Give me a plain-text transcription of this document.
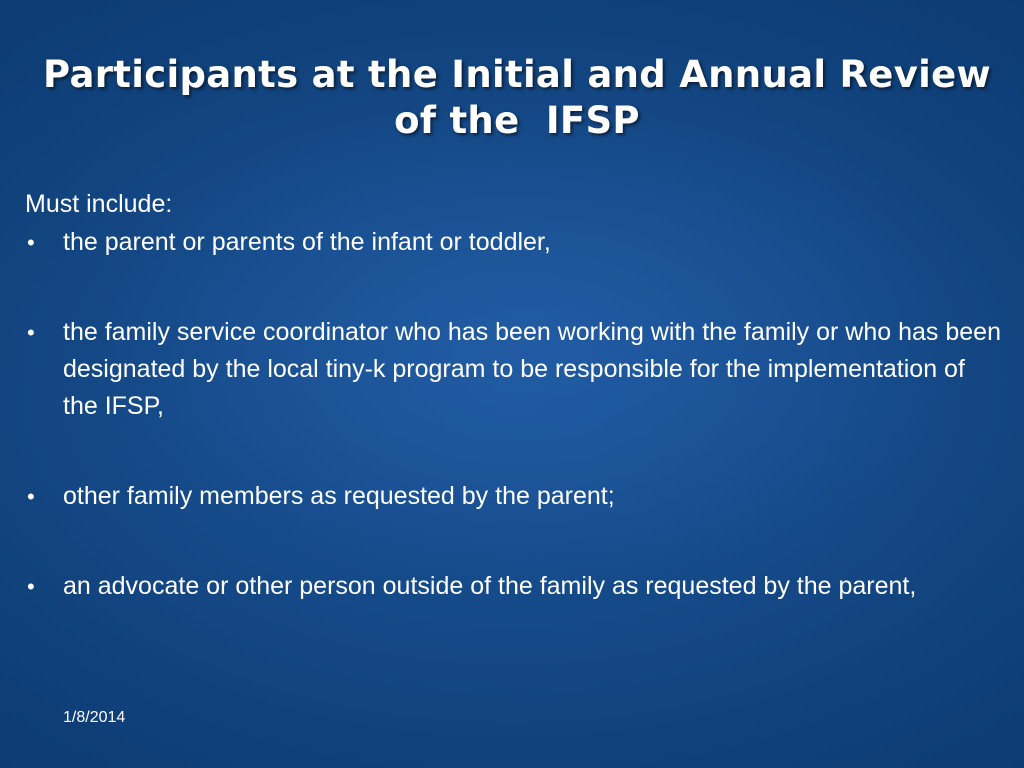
Participants at the Initial and Annual Review
of the  IFSP

Must include:

• the parent or parents of the infant or toddler,
• the family service coordinator who has been working with the family or who has been designated by the local tiny-k program to be responsible for the implementation of the IFSP,
• other family members as requested by the parent;
• an advocate or other person outside of the family as requested by the parent,
1/8/2014
